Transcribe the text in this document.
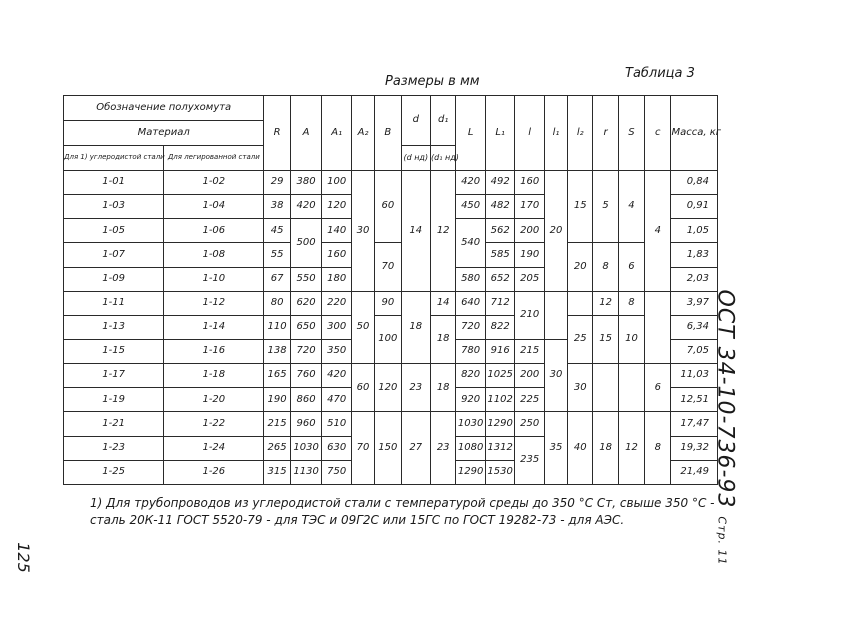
Размеры в мм
Таблица 3
Обозначение полухомута		R	A	A₁	A₂	B	d	d₁	L	L₁	l	l₁	l₂	r	S	c	Масса, кг
Материал																	
Для 1) углеродистой стали	Для легированной стали						(d нд)	(d₁ нд)									
1-01	1-02	29	380	100	30	60	14	12	420	492	160	20	15	5	4	4	0,84
1-03	1-04	38	420	120					450	482	170						0,91
1-05	1-06	45	500	140					540	562	200						1,05
1-07	1-08	55		160		70				585	190		20	8	6		1,83
1-09	1-10	67	550	180					580	652	205						2,03
1-11	1-12	80	620	220	50	90	18	14	640	712	210			12	8		3,97
1-13	1-14	110	650	300		100		18	720	822			25	15	10		6,34
1-15	1-16	138	720	350					780	916	215	30					7,05
1-17	1-18	165	760	420	60	120	23	18	820	1025	200		30			6	11,03
1-19	1-20	190	860	470					920	1102	225						12,51
1-21	1-22	215	960	510	70	150	27	23	1030	1290	250	35	40	18	12	8	17,47
1-23	1-24	265	1030	630					1080	1312	235						19,32
1-25	1-26	315	1130	750					1290	1530							21,49
1) Для трубопроводов из углеродистой стали с температурой среды до 350 °С Ст, свыше 350 °С - сталь 20К-11 ГОСТ 5520-79 - для ТЭС и 09Г2С или 15ГС по ГОСТ 19282-73 - для АЭС.
ОСТ 34-10-736-93 Стр. 11
125
